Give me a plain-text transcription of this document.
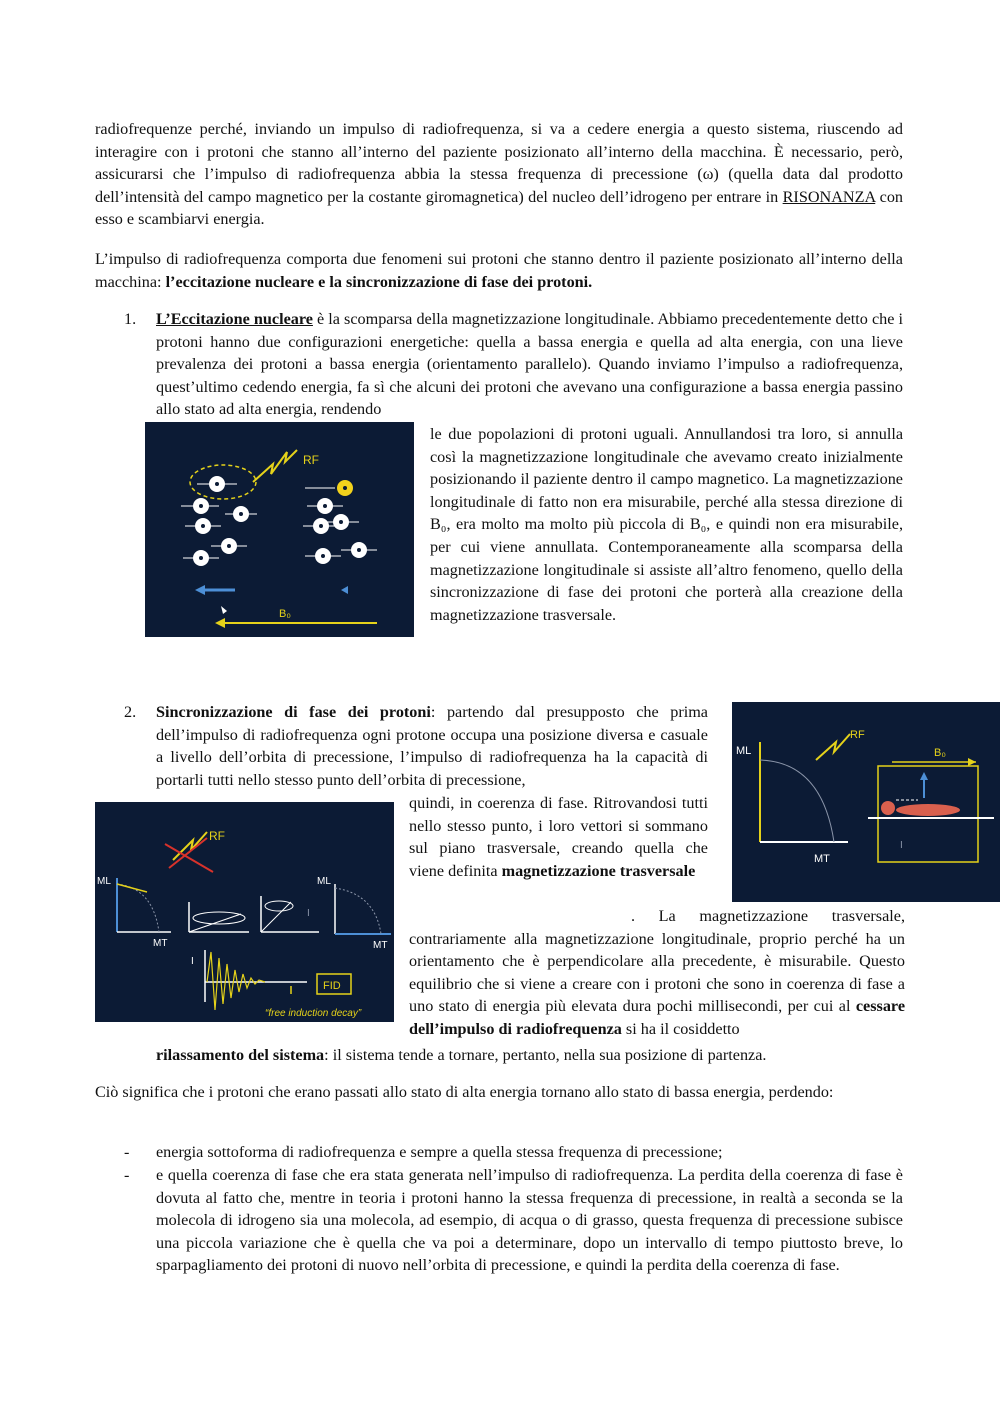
radiofrequenze perché, inviando un impulso di radiofrequenza, si va a cedere energia a questo sistema, riuscendo ad interagire con i protoni che stanno all’interno del paziente posizionato all’interno della macchina. È necessario, però, assicurarsi che l’impulso di radiofrequenza abbia la stessa frequenza di precessione (ω) (quella data dal prodotto dell’intensità del campo magnetico per la costante giromagnetica) del nucleo dell’idrogeno per entrare in RISONANZA con esso e scambiarvi energia.

L’impulso di radiofrequenza comporta due fenomeni sui protoni che stanno dentro il paziente posizionato all’interno della macchina: l’eccitazione nucleare e la sincronizzazione di fase dei protoni.

1. L’Eccitazione nucleare è la scomparsa della magnetizzazione longitudinale. Abbiamo precedentemente detto che i protoni hanno due configurazioni energetiche: quella a bassa energia e quella ad alta energia, con una lieve prevalenza dei protoni a bassa energia (orientamento parallelo). Quando inviamo l’impulso a radiofrequenza, quest’ultimo cedendo energia, fa sì che alcuni dei protoni che avevano una configurazione a bassa energia passino allo stato ad alta energia, rendendo

RF
B₀

le due popolazioni di protoni uguali. Annullandosi tra loro, si annulla così la magnetizzazione longitudinale che avevamo creato inizialmente posizionando il paziente dentro il campo magnetico. La magnetizzazione longitudinale di fatto non era misurabile, perché alla stessa direzione di B₀, era molto ma molto più piccola di B₀, e quindi non era misurabile, per cui viene annullata. Contemporaneamente alla scomparsa della magnetizzazione longitudinale si assiste all’altro fenomeno, quello della sincronizzazione di fase dei protoni che porterà alla creazione della magnetizzazione trasversale.

2. Sincronizzazione di fase dei protoni: partendo dal presupposto che prima dell’impulso di radiofrequenza ogni protone occupa una posizione diversa e casuale a livello dell’orbita di precessione, l’impulso di radiofrequenza ha la capacità di portarli tutti nello stesso punto dell’orbita di precessione,

ML
MT
RF
B₀
I
RF
ML
MT
I
ML
MT
I
FID
“free induction decay”

quindi, in coerenza di fase. Ritrovandosi tutti nello stesso punto, i loro vettori si sommano sul piano trasversale, creando quella che viene definita magnetizzazione trasversale

. La magnetizzazione trasversale, contrariamente alla magnetizzazione longitudinale, proprio perché ha un orientamento che è perpendicolare alla precedente, è misurabile. Questo equilibrio che si viene a creare con i protoni che sono in coerenza di fase a uno stato di energia più elevata dura pochi millisecondi, per cui al cessare dell’impulso di radiofrequenza si ha il cosiddetto

rilassamento del sistema: il sistema tende a tornare, pertanto, nella sua posizione di partenza.

Ciò significa che i protoni che erano passati allo stato di alta energia tornano allo stato di bassa energia, perdendo:

- energia sottoforma di radiofrequenza e sempre a quella stessa frequenza di precessione;

- e quella coerenza di fase che era stata generata nell’impulso di radiofrequenza. La perdita della coerenza di fase è dovuta al fatto che, mentre in teoria i protoni hanno la stessa frequenza di precessione, in realtà a seconda se la molecola di idrogeno sia una molecola, ad esempio, di acqua o di grasso, questa frequenza di precessione subisce una piccola variazione che è quella che va poi a determinare, dopo un intervallo di tempo piuttosto breve, lo sparpagliamento dei protoni di nuovo nell’orbita di precessione, e quindi la perdita della coerenza di fase.
